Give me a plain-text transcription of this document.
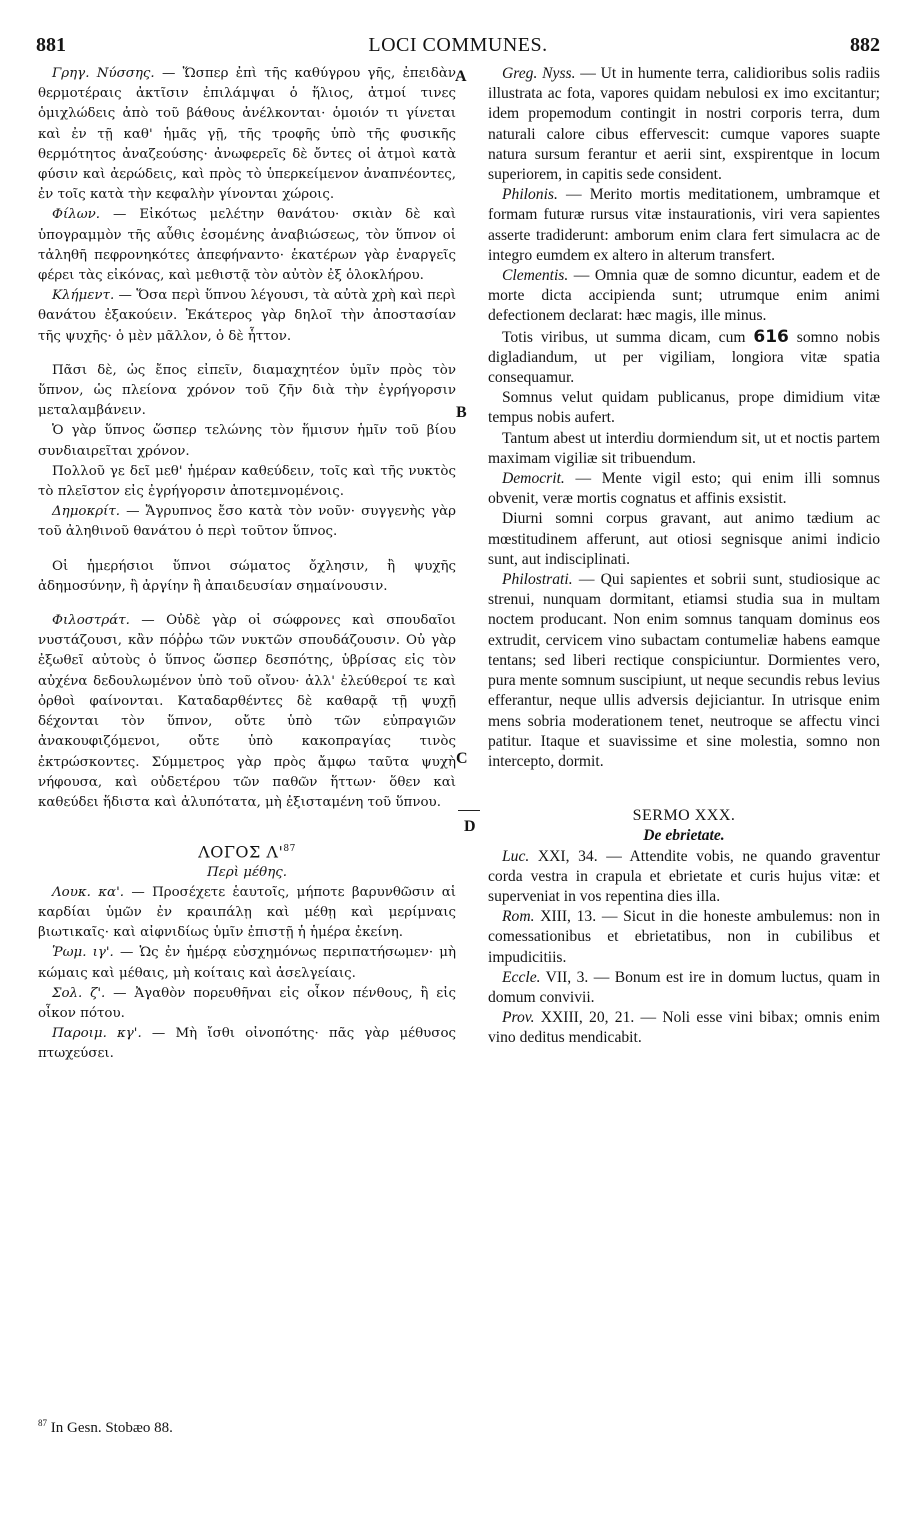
881	LOCI COMMUNES.	882
A
B
C
D

Γρηγ. Νύσσης. — Ὥσπερ ἐπὶ τῆς καθύγρου γῆς, ἐπειδὰν θερμοτέραις ἀκτῖσιν ἐπιλάμψαι ὁ ἥλιος, ἀτμοί τινες ὁμιχλώδεις ἀπὸ τοῦ βάθους ἀνέλκονται· ὁμοιόν τι γίνεται καὶ ἐν τῇ καθ' ἡμᾶς γῇ, τῆς τροφῆς ὑπὸ τῆς φυσικῆς θερμότητος ἀναζεούσης· ἀνωφερεῖς δὲ ὄντες οἱ ἀτμοὶ κατὰ φύσιν καὶ ἀερώδεις, καὶ πρὸς τὸ ὑπερκείμενον ἀναπνέοντες, ἐν τοῖς κατὰ τὴν κεφαλὴν γίνονται χώροις.

Φίλων. — Εἰκότως μελέτην θανάτου· σκιὰν δὲ καὶ ὑπογραμμὸν τῆς αὖθις ἐσομένης ἀναβιώσεως, τὸν ὕπνον οἱ τἀληθῆ πεφρονηκότες ἀπεφήναντο· ἑκατέρων γὰρ ἐναργεῖς φέρει τὰς εἰκόνας, καὶ μεθιστᾷ τὸν αὐτὸν ἐξ ὁλοκλήρου.

Κλήμεντ. — Ὅσα περὶ ὕπνου λέγουσι, τὰ αὐτὰ χρὴ καὶ περὶ θανάτου ἐξακούειν. Ἑκάτερος γὰρ δηλοῖ τὴν ἀποστασίαν τῆς ψυχῆς· ὁ μὲν μᾶλλον, ὁ δὲ ἧττον.

Πᾶσι δὲ, ὡς ἔπος εἰπεῖν, διαμαχητέον ὑμῖν πρὸς τὸν ὕπνον, ὡς πλείονα χρόνον τοῦ ζῆν διὰ τὴν ἐγρήγορσιν μεταλαμβάνειν.

Ὁ γὰρ ὕπνος ὥσπερ τελώνης τὸν ἥμισυν ἡμῖν τοῦ βίου συνδιαιρεῖται χρόνον.

Πολλοῦ γε δεῖ μεθ' ἡμέραν καθεύδειν, τοῖς καὶ τῆς νυκτὸς τὸ πλεῖστον εἰς ἐγρήγορσιν ἀποτεμνομένοις.

Δημοκρίτ. — Ἄγρυπνος ἔσο κατὰ τὸν νοῦν· συγγενὴς γὰρ τοῦ ἀληθινοῦ θανάτου ὁ περὶ τοῦτον ὕπνος.

Οἱ ἡμερήσιοι ὕπνοι σώματος ὄχλησιν, ἢ ψυχῆς ἀδημοσύνην, ἢ ἀργίην ἢ ἀπαιδευσίαν σημαίνουσιν.

Φιλοστράτ. — Οὐδὲ γὰρ οἱ σώφρονες καὶ σπουδαῖοι νυστάζουσι, κἂν πόῤῥω τῶν νυκτῶν σπουδάζουσιν. Οὐ γὰρ ἐξωθεῖ αὐτοὺς ὁ ὕπνος ὥσπερ δεσπότης, ὑβρίσας εἰς τὸν αὐχένα δεδουλωμένον ὑπὸ τοῦ οἴνου· ἀλλ' ἐλεύθεροί τε καὶ ὀρθοὶ φαίνονται. Καταδαρθέντες δὲ καθαρᾷ τῇ ψυχῇ δέχονται τὸν ὕπνον, οὔτε ὑπὸ τῶν εὐπραγιῶν ἀνακουφιζόμενοι, οὔτε ὑπὸ κακοπραγίας τινὸς ἐκτρώσκοντες. Σύμμετρος γὰρ πρὸς ἄμφω ταῦτα ψυχὴ νήφουσα, καὶ οὐδετέρου τῶν παθῶν ἥττων· ὅθεν καὶ καθεύδει ἥδιστα καὶ ἀλυπότατα, μὴ ἐξισταμένη τοῦ ὕπνου.

ΛΟΓΟΣ $\Lambda'^{87}$

Περὶ μέθης.

Λουκ. κα'. — Προσέχετε ἑαυτοῖς, μήποτε βαρυνθῶσιν αἱ καρδίαι ὑμῶν ἐν κραιπάλῃ καὶ μέθῃ καὶ μερίμναις βιωτικαῖς· καὶ αἰφνιδίως ὑμῖν ἐπιστῇ ἡ ἡμέρα ἐκείνη.

Ῥωμ. ιγ'. — Ὡς ἐν ἡμέρᾳ εὐσχημόνως περιπατήσωμεν· μὴ κώμαις καὶ μέθαις, μὴ κοίταις καὶ ἀσελγείαις.

Σολ. ζ'. — Ἀγαθὸν πορευθῆναι εἰς οἶκον πένθους, ἢ εἰς οἶκον πότου.

Παροιμ. κγ'. — Μὴ ἴσθι οἰνοπότης· πᾶς γὰρ μέθυσος πτωχεύσει.

Greg. Nyss. — Ut in humente terra, calidioribus solis radiis illustrata ac fota, vapores quidam nebulosi ex imo excitantur; idem propemodum contingit in nostri corporis terra, dum naturali calore cibus effervescit: cumque vapores suapte natura sursum ferantur et aerii sint, exspirentque in locum superiorem, in capitis sede consident.

Philonis. — Merito mortis meditationem, umbramque et formam futuræ rursus vitæ instaurationis, viri vera sapientes asserte tradiderunt: amborum enim clara fert simulacra ac de integro eumdem ex altero in alterum transfert.

Clementis. — Omnia quæ de somno dicuntur, eadem et de morte dicta accipienda sunt; utrumque enim animi defectionem declarat: hæc magis, ille minus.

Totis viribus, ut summa dicam, cum 616 somno nobis digladiandum, ut per vigiliam, longiora vitæ spatia consequamur.

Somnus velut quidam publicanus, prope dimidium vitæ tempus nobis aufert.

Tantum abest ut interdiu dormiendum sit, ut et noctis partem maximam vigiliæ sit tribuendum.

Democrit. — Mente vigil esto; qui enim illi somnus obvenit, veræ mortis cognatus et affinis exsistit.

Diurni somni corpus gravant, aut animo tædium ac mœstitudinem afferunt, aut otiosi segnisque animi indicio sunt, aut indisciplinati.

Philostrati. — Qui sapientes et sobrii sunt, studiosique ac strenui, nunquam dormitant, etiamsi studia sua in multam noctem producant. Non enim somnus tanquam dominus eos extrudit, cervicem vino subactam contumeliæ habens eamque tentans; sed liberi rectique conspiciuntur. Dormientes vero, pura mente somnum suscipiunt, ut neque secundis rebus levius efferantur, neque ullis adversis dejiciantur. In utrisque enim mens sobria moderationem tenet, neutroque se affectu vinci patitur. Itaque et suavissime et sine molestia, somno non intercepto, dormit.

SERMO XXX.

De ebrietate.

Luc. XXI, 34. — Attendite vobis, ne quando graventur corda vestra in crapula et ebrietate et curis hujus vitæ: et superveniat in vos repentina dies illa.

Rom. XIII, 13. — Sicut in die honeste ambulemus: non in comessationibus et ebrietatibus, non in cubilibus et impudicitiis.

Eccle. VII, 3. — Bonum est ire in domum luctus, quam in domum convivii.

Prov. XXIII, 20, 21. — Noli esse vini bibax; omnis enim vino deditus mendicabit.

$^{87}$ In Gesn. Stobæo 88.
